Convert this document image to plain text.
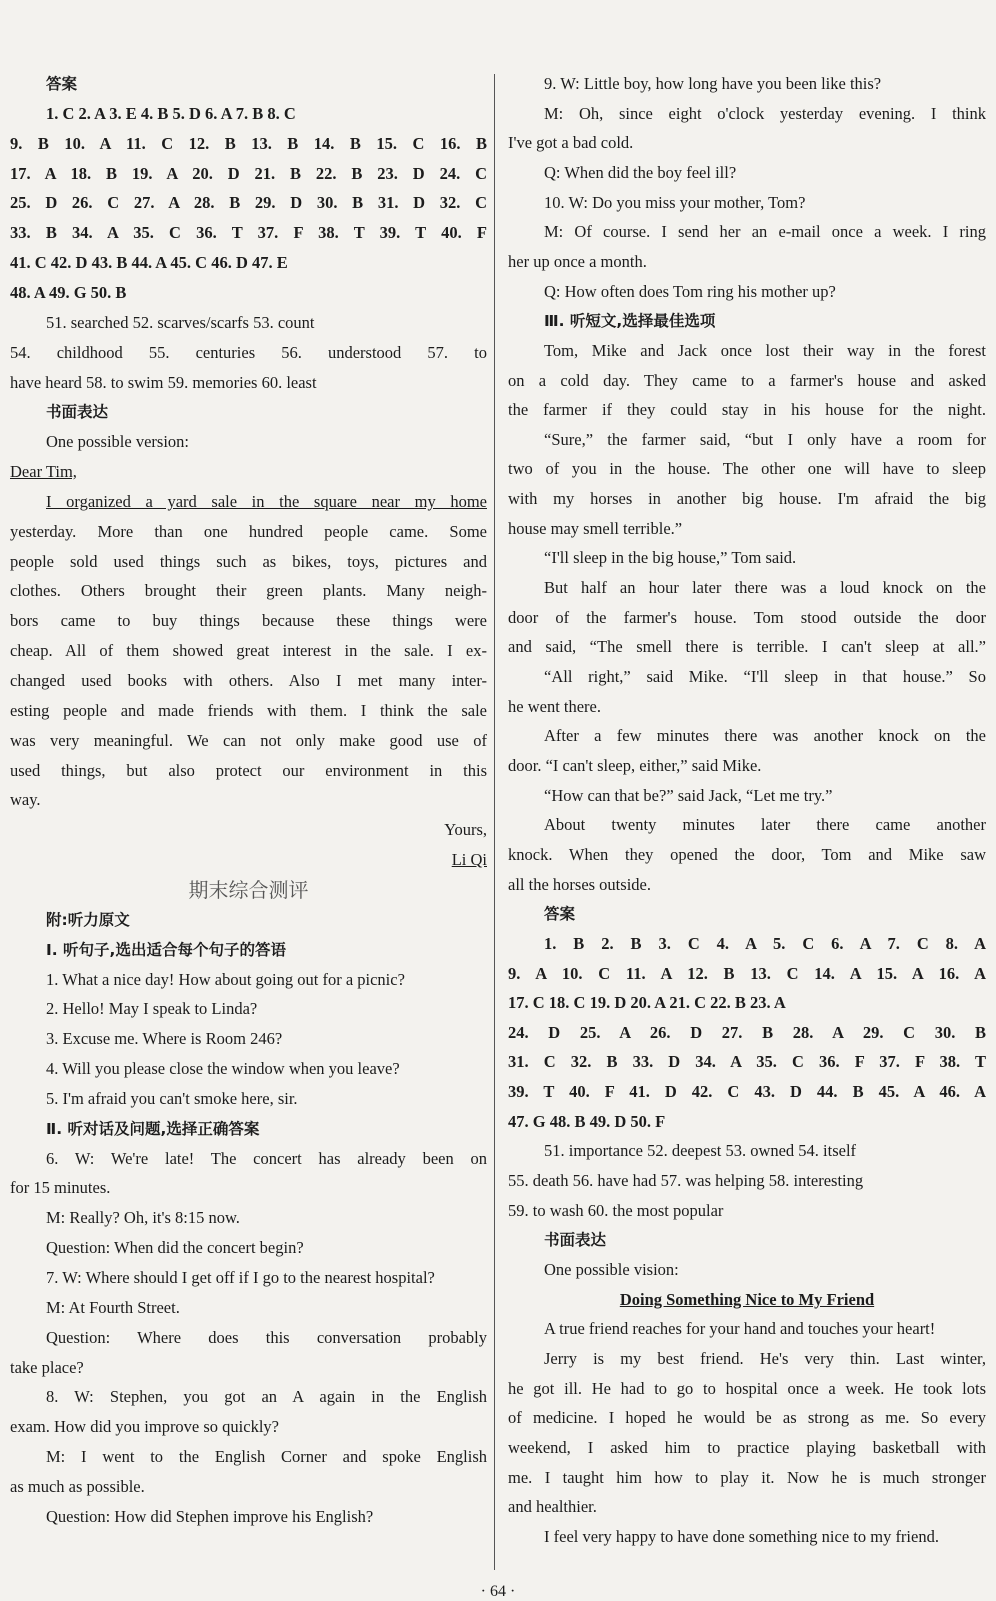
答案
1. C 2. A 3. E 4. B 5. D 6. A 7. B 8. C
9. B 10. A 11. C 12. B 13. B 14. B 15. C 16. B
17. A 18. B 19. A 20. D 21. B 22. B 23. D 24. C
25. D 26. C 27. A 28. B 29. D 30. B 31. D 32. C
33. B 34. A 35. C 36. T 37. F 38. T 39. T 40. F
41. C 42. D 43. B 44. A 45. C 46. D 47. E
48. A 49. G 50. B
51. searched 52. scarves/scarfs 53. count
54. childhood 55. centuries 56. understood 57. to
have heard 58. to swim 59. memories 60. least
书面表达
One possible version:
Dear Tim,
I organized a yard sale in the square near my home
yesterday. More than one hundred people came. Some
people sold used things such as bikes, toys, pictures and
clothes. Others brought their green plants. Many neigh-
bors came to buy things because these things were
cheap. All of them showed great interest in the sale. I ex-
changed used books with others. Also I met many inter-
esting people and made friends with them. I think the sale
was very meaningful. We can not only make good use of
used things, but also protect our environment in this
way.
Yours,
Li Qi
期末综合测评
附:听力原文
Ⅰ. 听句子,选出适合每个句子的答语
1. What a nice day! How about going out for a picnic?
2. Hello! May I speak to Linda?
3. Excuse me. Where is Room 246?
4. Will you please close the window when you leave?
5. I'm afraid you can't smoke here, sir.
Ⅱ. 听对话及问题,选择正确答案
6. W: We're late! The concert has already been on
for 15 minutes.
M: Really? Oh, it's 8:15 now.
Question: When did the concert begin?
7. W: Where should I get off if I go to the nearest hospital?
M: At Fourth Street.
Question: Where does this conversation probably
take place?
8. W: Stephen, you got an A again in the English
exam. How did you improve so quickly?
M: I went to the English Corner and spoke English
as much as possible.
Question: How did Stephen improve his English?
9. W: Little boy, how long have you been like this?
M: Oh, since eight o'clock yesterday evening. I think
I've got a bad cold.
Q: When did the boy feel ill?
10. W: Do you miss your mother, Tom?
M: Of course. I send her an e-mail once a week. I ring
her up once a month.
Q: How often does Tom ring his mother up?
Ⅲ. 听短文,选择最佳选项
Tom, Mike and Jack once lost their way in the forest
on a cold day. They came to a farmer's house and asked
the farmer if they could stay in his house for the night.
“Sure,” the farmer said, “but I only have a room for
two of you in the house. The other one will have to sleep
with my horses in another big house. I'm afraid the big
house may smell terrible.”
“I'll sleep in the big house,” Tom said.
But half an hour later there was a loud knock on the
door of the farmer's house. Tom stood outside the door
and said, “The smell there is terrible. I can't sleep at all.”
“All right,” said Mike. “I'll sleep in that house.” So
he went there.
After a few minutes there was another knock on the
door. “I can't sleep, either,” said Mike.
“How can that be?” said Jack, “Let me try.”
About twenty minutes later there came another
knock. When they opened the door, Tom and Mike saw
all the horses outside.
答案
1. B 2. B 3. C 4. A 5. C 6. A 7. C 8. A
9. A 10. C 11. A 12. B 13. C 14. A 15. A 16. A
17. C 18. C 19. D 20. A 21. C 22. B 23. A
24. D 25. A 26. D 27. B 28. A 29. C 30. B
31. C 32. B 33. D 34. A 35. C 36. F 37. F 38. T
39. T 40. F 41. D 42. C 43. D 44. B 45. A 46. A
47. G 48. B 49. D 50. F
51. importance 52. deepest 53. owned 54. itself
55. death 56. have had 57. was helping 58. interesting
59. to wash 60. the most popular
书面表达
One possible vision:
Doing Something Nice to My Friend
A true friend reaches for your hand and touches your heart!
Jerry is my best friend. He's very thin. Last winter,
he got ill. He had to go to hospital once a week. He took lots
of medicine. I hoped he would be as strong as me. So every
weekend, I asked him to practice playing basketball with
me. I taught him how to play it. Now he is much stronger
and healthier.
I feel very happy to have done something nice to my friend.
· 64 ·
